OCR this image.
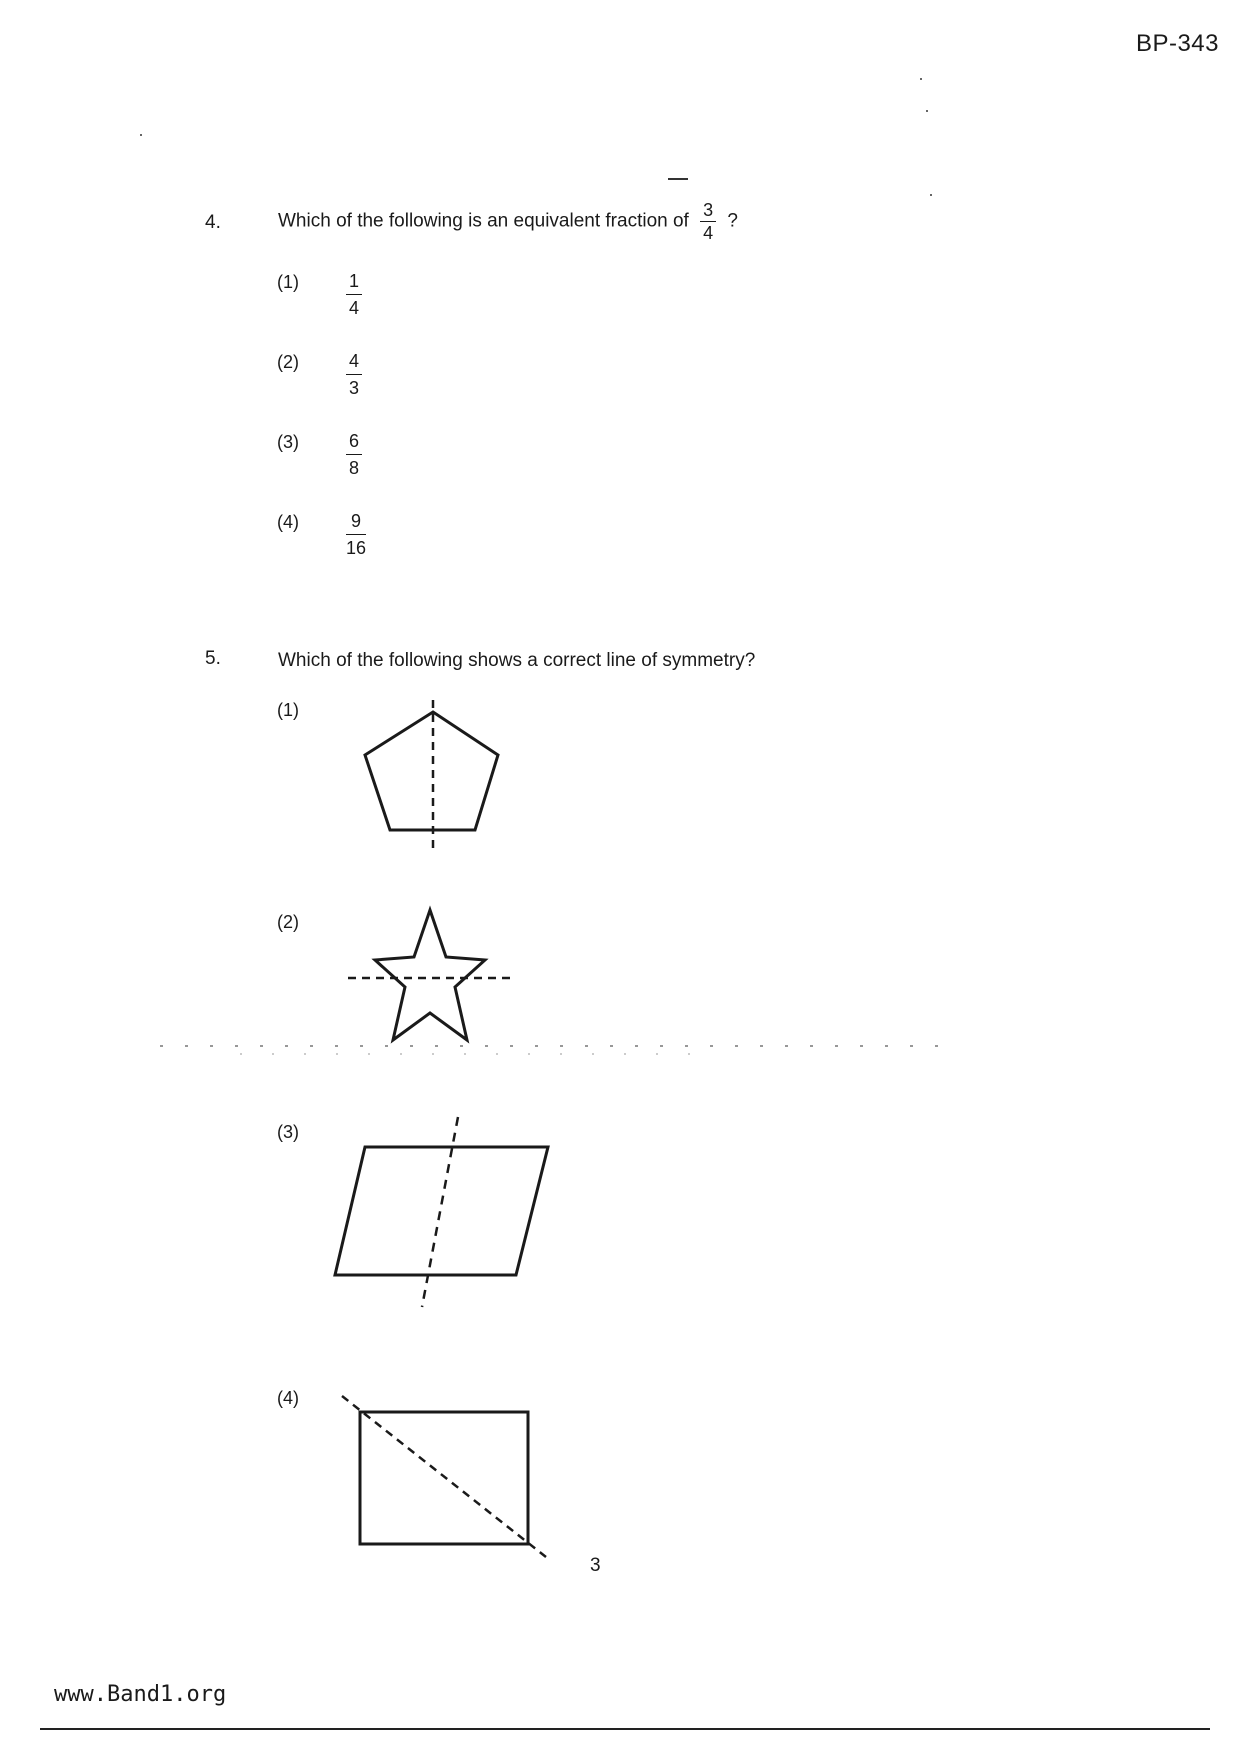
BP-343
4.	Which of the following is an equivalent fraction of $\frac{3}{4}$ ?
(1)	1
4
(2)	4
3
(3)	6
8
(4)	9
16
5.	Which of the following shows a correct line of symmetry?
(1)
(2)
(3)
(4)
3
www.Band1.org
